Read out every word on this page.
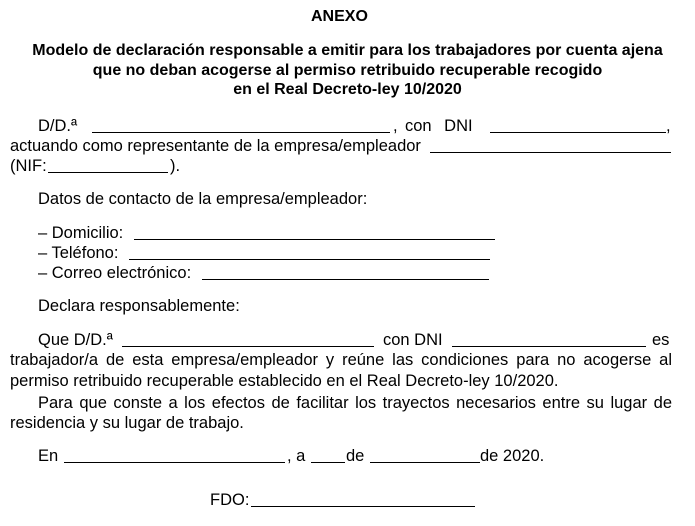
ANEXO
Modelo de declaración responsable a emitir para los trabajadores por cuenta ajena
que no deban acogerse al permiso retribuido recuperable recogido
en el Real Decreto-ley 10/2020
D/D.ª	, con DNI	,
actuando como representante de la empresa/empleador
(NIF:	).
Datos de contacto de la empresa/empleador:
– Domicilio:
– Teléfono:
– Correo electrónico:
Declara responsablemente:
Que D/D.ª	con DNI	es
trabajador/a de esta empresa/empleador y reúne las condiciones para no acogerse al
permiso retribuido recuperable establecido en el Real Decreto-ley 10/2020.
Para que conste a los efectos de facilitar los trayectos necesarios entre su lugar de
residencia y su lugar de trabajo.
En	, a de	de 2020.
FDO:
